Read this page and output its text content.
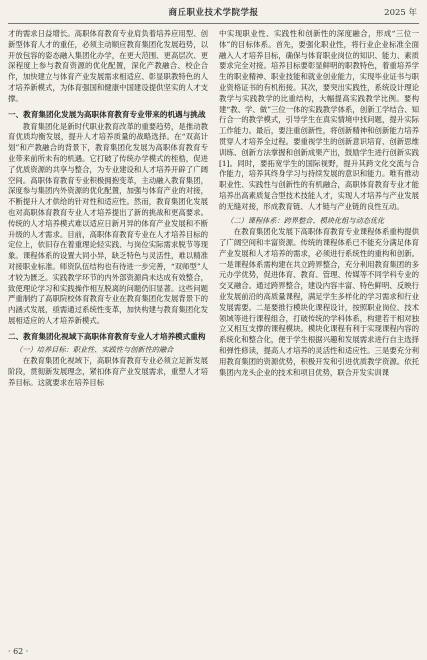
商丘职业技术学院学报	2025 年

才的需求日益增长。高职体育教育专业肩负着培养应用型、创新型体育人才的重任，必须主动顺应教育集团化发展趋势，以开放包容的姿态融入集团化办学，在更大范围、更高层次、更深程度上参与教育资源的优化配置，深化产教融合、校企合作，加快建立与体育产业发展需求相适应、彰显职教特色的人才培养新模式，为体育强国和健康中国建设提供坚实的人才支撑。

一、教育集团化发展为高职体育教育专业带来的机遇与挑战

教育集团化是新时代职业教育改革的重要趋势，是推动教育优质均衡发展，提升人才培养质量的战略选择。在“双高计划”和产教融合的背景下，教育集团化发展为高职体育教育专业带来前所未有的机遇。它打破了传统办学模式的桎梏，促进了优质资源的共享与整合，为专业建设和人才培养开辟了广阔空间。高职体育教育专业积极拥抱变革，主动融入教育集团，深度参与集团内外资源的优化配置，加强与体育产业的对接，不断提升人才供给的针对性和适应性。然而，教育集团化发展也对高职体育教育专业人才培养提出了新的挑战和更高要求。传统的人才培养模式难以适应日新月异的体育产业发展和不断升级的人才需求。目前，高职体育教育专业在人才培养目标的定位上，依旧存在着重理论轻实践、与岗位实际需求脱节等现象。课程体系的设置大同小异，缺乏特色与灵活性，难以精准对接职业标准。师资队伍结构也有待进一步完善，“双师型”人才较为匮乏。实践教学环节的内外部资源尚未达成有效整合，致使理论学习和实践操作相互脱离的问题仍旧显著。这些问题严重制约了高职院校体育教育专业在教育集团化发展背景下的内涵式发展，亟需通过系统性变革，加快构建与教育集团化发展相适应的人才培养新模式。

二、教育集团化视域下高职体育教育专业人才培养模式重构
（一）培养目标：职业性、实践性与创新性的融合

在教育集团化视域下，高职体育教育专业必须立足新发展阶段，贯彻新发展理念，紧扣体育产业发展需求，重塑人才培养目标。这就要求在培养目标

中实现职业性、实践性和创新性的深度融合，形成“三位一体”的目标体系。首先，要强化职业性，将行业企业标准全面融入人才培养目标，确保与体育职业岗位的知识、能力、素质要求完全对接。培养目标要彰显鲜明的职教特色，着重培养学生的职业精神、职业技能和就业创业能力，实现毕业证书与职业资格证书的有机衔接。其次，要突出实践性，系统设计理论教学与实践教学的比重结构，大幅提高实践教学比例。要构建“教、学、做”三位一体的实践教学体系，创新工学结合、知行合一的教学模式，引导学生在真实情境中找问题，提升实际工作能力。最后，要注重创新性，将创新精神和创新能力培养贯穿人才培养全过程。要重视学生的创新意识培育、创新思维训练、创新方法掌握和创新成果产出，鼓励学生进行创新实践[1]。同时，要拓宽学生的国际视野，提升其跨文化交流与合作能力，培养其终身学习与持续发展的意识和能力。唯有推动职业性、实践性与创新性的有机融合，高职体育教育专业才能培养出高素质复合型技术技能人才，实现人才培养与产业发展的无缝对接，形成教育链、人才链与产业链的良性互动。

（二）课程体系：跨界整合、模块化组与动态优化

在教育集团化发展下高职体育教育专业课程体系重构提供了广阔空间和丰富资源。传统的课程体系已不能充分满足体育产业发展和人才培养的需求，必须进行系统性的重构和创新。一是课程体系需构建在共立跨界整合，充分利用教育集团的多元办学优势，促进体育、教育、管理、传媒等不同学科专业的交叉融合。通过跨界整合，建设内容丰富、特色鲜明、反映行业发展前沿的高质量课程，满足学生多样化的学习需求和行业发展需要。二是要推行模块化课程设计，按照职业岗位、技术领域等进行课程组合，打破传统的学科体系，构建若干相对独立又相互支撑的课程模块。模块化课程有利于实现课程内容的系统化和整合化，便于学生根据兴趣和发展需求进行自主选择和弹性修读，提高人才培养的灵活性和适应性。三是要充分利用教育集团的资源优势，积极开发和引进优质教学资源。依托集团内龙头企业的技术和项目优势，联合开发实训课

· 62 ·
